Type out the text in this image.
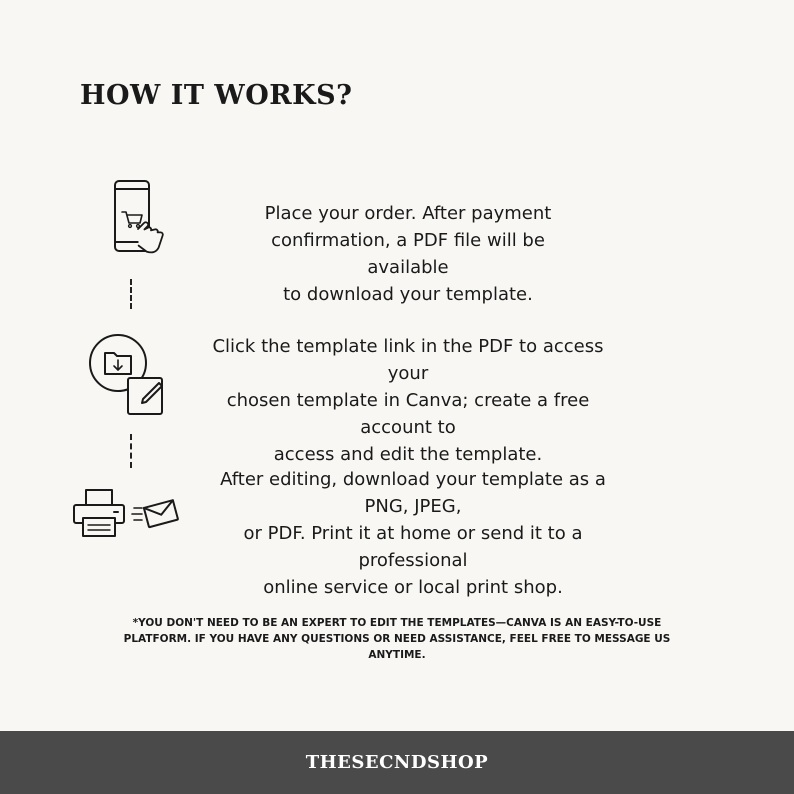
HOW IT WORKS?
Place your order. After payment
confirmation, a PDF file will be available
to download your template.
Click the template link in the PDF to access your
chosen template in Canva; create a free account to
access and edit the template.
After editing, download your template as a PNG, JPEG,
or PDF. Print it at home or send it to a professional
online service or local print shop.
*YOU DON'T NEED TO BE AN EXPERT TO EDIT THE TEMPLATES—CANVA IS AN EASY-TO-USE
PLATFORM. IF YOU HAVE ANY QUESTIONS OR NEED ASSISTANCE, FEEL FREE TO MESSAGE US
ANYTIME.
THESECNDSHOP
